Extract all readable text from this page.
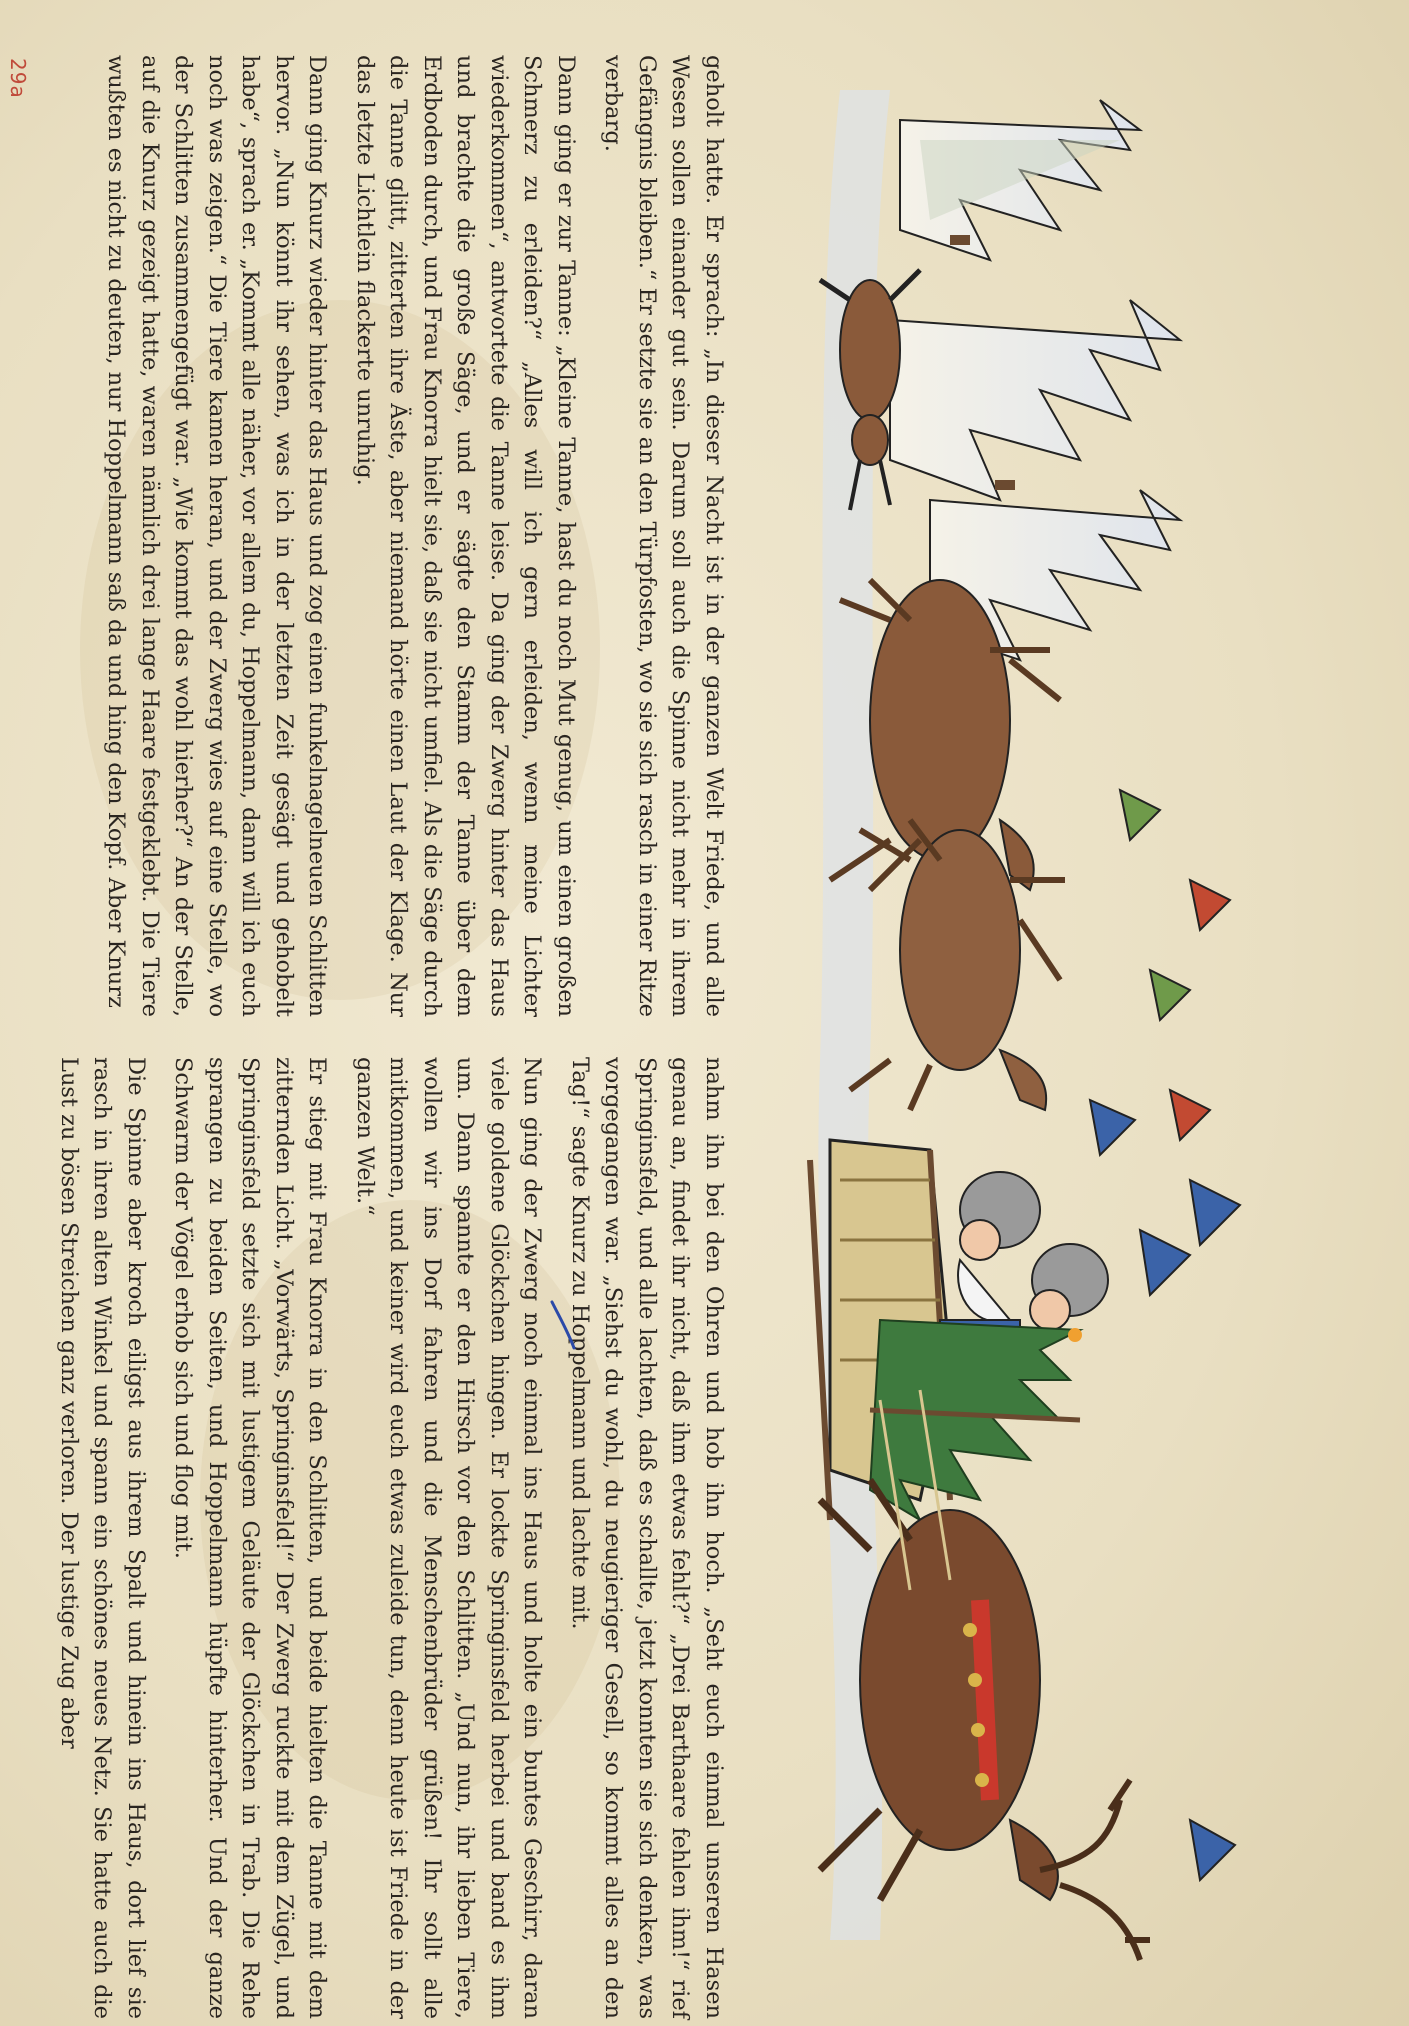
29a	geholt hatte. Er sprach: „In dieser Nacht ist in der ganzen Welt Friede, und alle Wesen sollen einander gut sein. Darum soll auch die Spinne nicht mehr in ihrem Gefängnis bleiben.“ Er setzte sie an den Türpfosten, wo sie sich rasch in einer Ritze verbarg.

Dann ging er zur Tanne: „Kleine Tanne, hast du noch Mut genug, um einen großen Schmerz zu erleiden?“ „Alles will ich gern erleiden, wenn meine Lichter wiederkommen“, antwortete die Tanne leise. Da ging der Zwerg hinter das Haus und brachte die große Säge, und er sägte den Stamm der Tanne über dem Erdboden durch, und Frau Knorra hielt sie, daß sie nicht umfiel. Als die Säge durch die Tanne glitt, zitterten ihre Äste, aber niemand hörte einen Laut der Klage. Nur das letzte Lichtlein flackerte unruhig.

Dann ging Knurz wieder hinter das Haus und zog einen funkelnagelneuen Schlitten hervor. „Nun könnt ihr sehen, was ich in der letzten Zeit gesägt und gehobelt habe“, sprach er. „Kommt alle näher, vor allem du, Hoppelmann, dann will ich euch noch was zeigen.“ Die Tiere kamen heran, und der Zwerg wies auf eine Stelle, wo der Schlitten zusammengefügt war. „Wie kommt das wohl hierher?“ An der Stelle, auf die Knurz gezeigt hatte, waren nämlich drei lange Haare festgeklebt. Die Tiere wußten es nicht zu deuten, nur Hoppelmann saß da und hing den Kopf. Aber Knurz

nahm ihn bei den Ohren und hob ihn hoch. „Seht euch einmal unseren Hasen genau an, findet ihr nicht, daß ihm etwas fehlt?“ „Drei Barthaare fehlen ihm!“ rief Springinsfeld, und alle lachten, daß es schallte, jetzt konnten sie sich denken, was vorgegangen war. „Siehst du wohl, du neugieriger Gesell, so kommt alles an den Tag!“ sagte Knurz zu Hoppelmann und lachte mit.

Nun ging der Zwerg noch einmal ins Haus und holte ein buntes Geschirr, daran viele goldene Glöckchen hingen. Er lockte Springinsfeld herbei und band es ihm um. Dann spannte er den Hirsch vor den Schlitten. „Und nun, ihr lieben Tiere, wollen wir ins Dorf fahren und die Menschenbrüder grüßen! Ihr sollt alle mitkommen, und keiner wird euch etwas zuleide tun, denn heute ist Friede in der ganzen Welt.“

Er stieg mit Frau Knorra in den Schlitten, und beide hielten die Tanne mit dem zitternden Licht. „Vorwärts, Springinsfeld!“ Der Zwerg ruckte mit dem Zügel, und Springinsfeld setzte sich mit lustigem Geläute der Glöckchen in Trab. Die Rehe sprangen zu beiden Seiten, und Hoppelmann hüpfte hinterher. Und der ganze Schwarm der Vögel erhob sich und flog mit.

Die Spinne aber kroch eiligst aus ihrem Spalt und hinein ins Haus, dort lief sie rasch in ihren alten Winkel und spann ein schönes neues Netz. Sie hatte auch die Lust zu bösen Streichen ganz verloren. Der lustige Zug aber
